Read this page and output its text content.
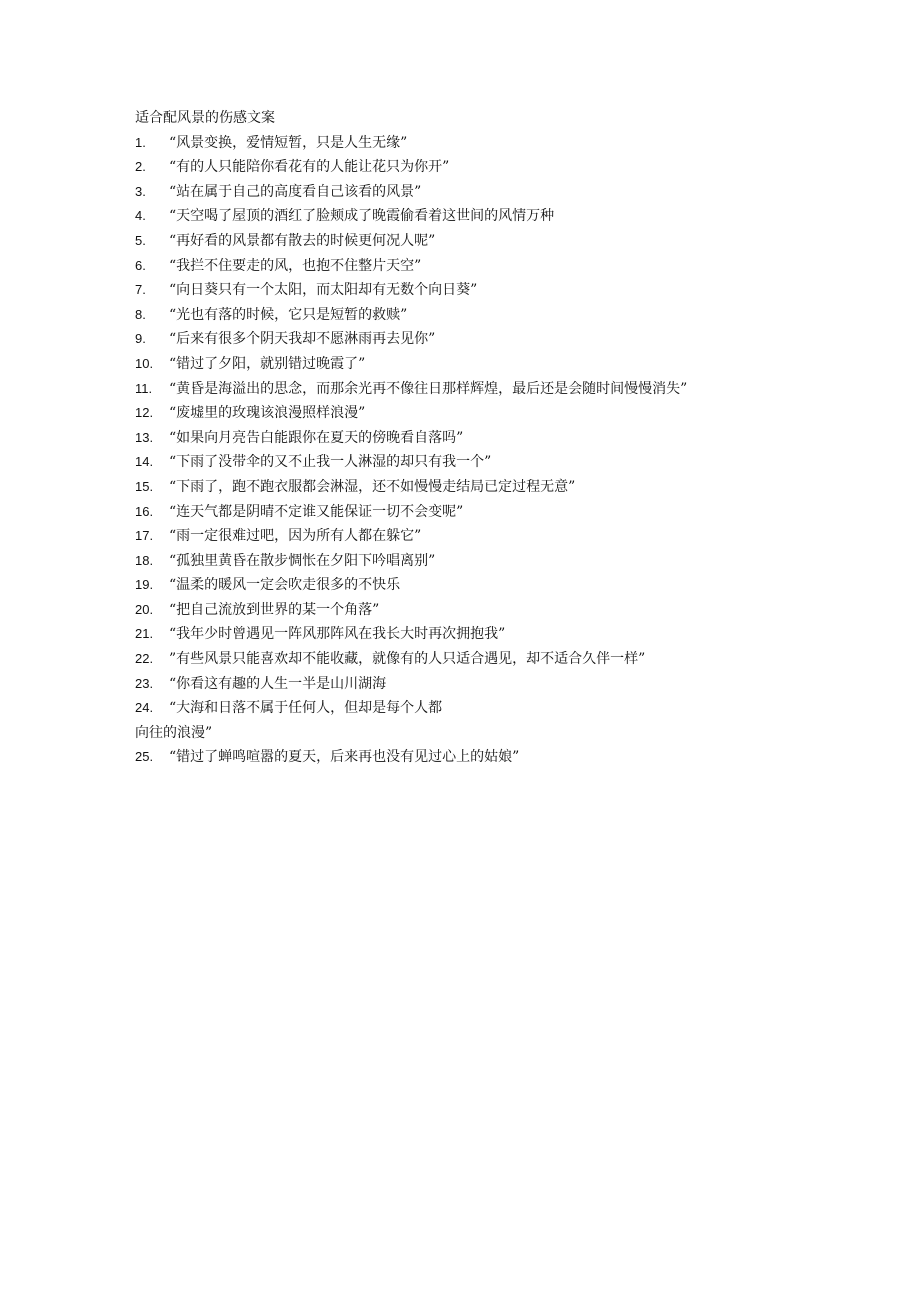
适合配风景的伤感文案
1.	“风景变换，爱情短暂，只是人生无缘”
2.	“有的人只能陪你看花有的人能让花只为你开”
3.	“站在属于自己的高度看自己该看的风景”
4.	“天空喝了屋顶的酒红了脸颊成了晚霞偷看着这世间的风情万种
5.	“再好看的风景都有散去的时候更何况人呢”
6.	“我拦不住要走的风，也抱不住整片天空”
7.	“向日葵只有一个太阳，而太阳却有无数个向日葵”
8.	“光也有落的时候，它只是短暂的救赎”
9.	“后来有很多个阴天我却不愿淋雨再去见你”
10.	“错过了夕阳，就别错过晚霞了”
11.	“黄昏是海溢出的思念，而那余光再不像往日那样辉煌，最后还是会随时间慢慢消失”
12.	“废墟里的玫瑰该浪漫照样浪漫”
13.	“如果向月亮告白能跟你在夏天的傍晚看自落吗”
14.	“下雨了没带伞的又不止我一人淋湿的却只有我一个”
15.	“下雨了，跑不跑衣服都会淋湿，还不如慢慢走结局已定过程无意”
16.	“连天气都是阴晴不定谁又能保证一切不会变呢”
17.	“雨一定很难过吧，因为所有人都在躲它”
18.	“孤独里黄昏在散步惆怅在夕阳下吟唱离别”
19.	“温柔的暖风一定会吹走很多的不快乐
20.	“把自己流放到世界的某一个角落”
21.	“我年少时曾遇见一阵风那阵风在我长大时再次拥抱我”
22.	”有些风景只能喜欢却不能收藏，就像有的人只适合遇见，却不适合久伴一样”
23.	“你看这有趣的人生一半是山川湖海
24.	“大海和日落不属于任何人，但却是每个人都
向往的浪漫”
25.	“错过了蝉鸣喧嚣的夏天，后来再也没有见过心上的姑娘”
